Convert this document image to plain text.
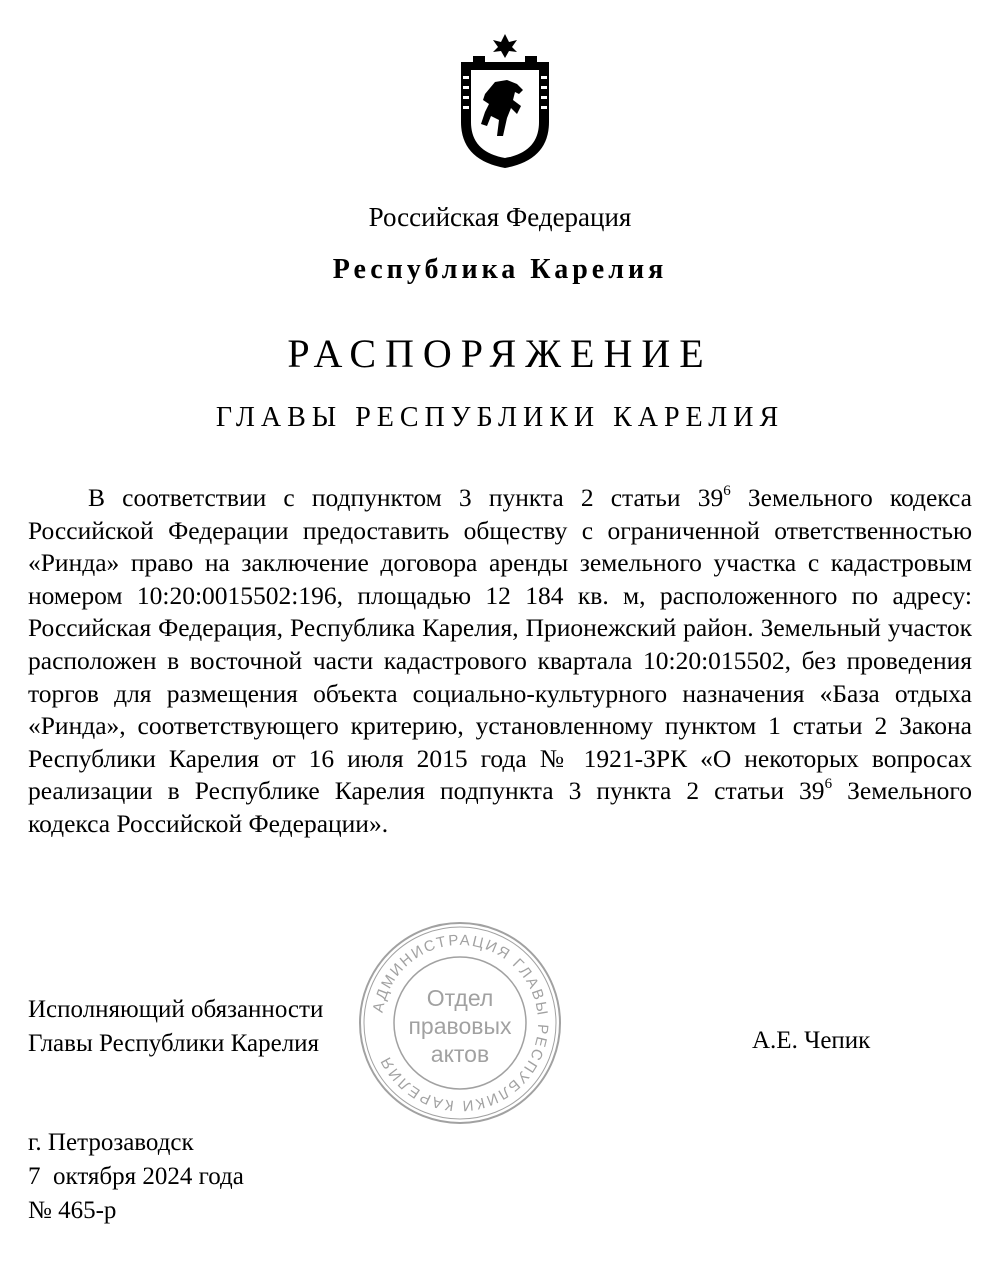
Российская Федерация
Республика Карелия
РАСПОРЯЖЕНИЕ
ГЛАВЫ РЕСПУБЛИКИ КАРЕЛИЯ

В соответствии с подпунктом 3 пункта 2 статьи $39^6$ Земельного кодекса Российской Федерации предоставить обществу с ограниченной ответственностью «Ринда» право на заключение договора аренды земельного участка с кадастровым номером 10:20:0015502:196, площадью 12 184 кв. м, расположенного по адресу: Российская Федерация, Республика Карелия, Прионежский район. Земельный участок расположен в восточной части кадастрового квартала 10:20:015502, без проведения торгов для размещения объекта социально-культурного назначения «База отдыха «Ринда», соответствующего критерию, установленному пунктом 1 статьи 2 Закона Республики Карелия от 16 июля 2015 года № 1921-ЗРК «О некоторых вопросах реализации в Республике Карелия подпункта 3 пункта 2 статьи $39^6$ Земельного кодекса Российской Федерации».

Исполняющий обязанности
Главы Республики Карелия	А.Е. Чепик
АДМИНИСТРАЦИЯ ГЛАВЫ РЕСПУБЛИКИ КАРЕЛИЯ
Отдел
правовых
актов
г. Петрозаводск
7  октября 2024 года
№ 465-р
